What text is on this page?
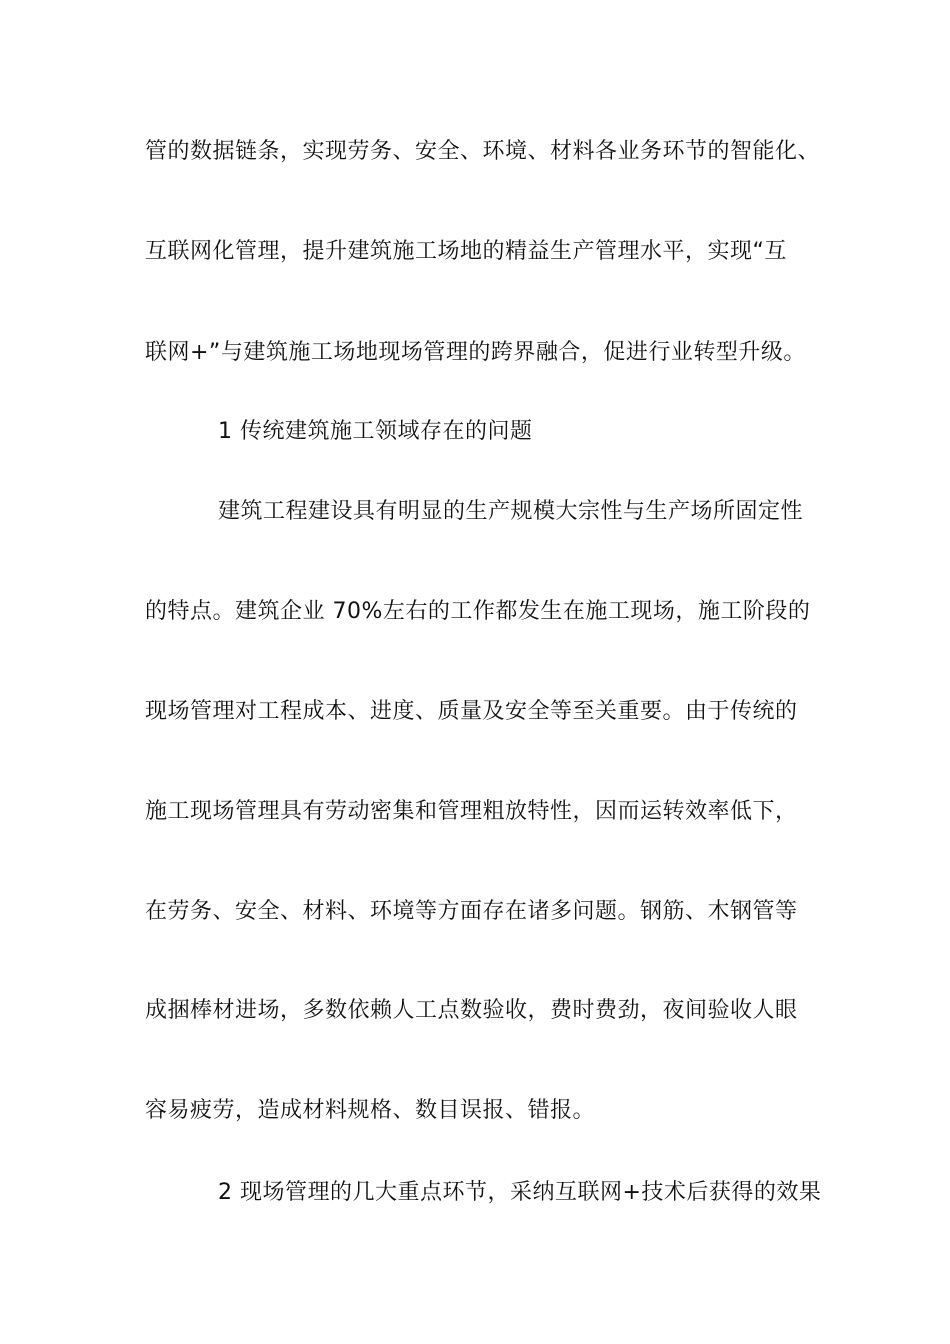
管的数据链条，实现劳务、安全、环境、材料各业务环节的智能化、
互联网化管理，提升建筑施工场地的精益生产管理水平，实现“互
联网+”与建筑施工场地现场管理的跨界融合，促进行业转型升级。
1 传统建筑施工领域存在的问题
建筑工程建设具有明显的生产规模大宗性与生产场所固定性
的特点。建筑企业 70%左右的工作都发生在施工现场，施工阶段的
现场管理对工程成本、进度、质量及安全等至关重要。由于传统的
施工现场管理具有劳动密集和管理粗放特性，因而运转效率低下，
在劳务、安全、材料、环境等方面存在诸多问题。钢筋、木钢管等
成捆棒材进场，多数依赖人工点数验收，费时费劲，夜间验收人眼
容易疲劳，造成材料规格、数目误报、错报。
2 现场管理的几大重点环节，采纳互联网+技术后获得的效果
